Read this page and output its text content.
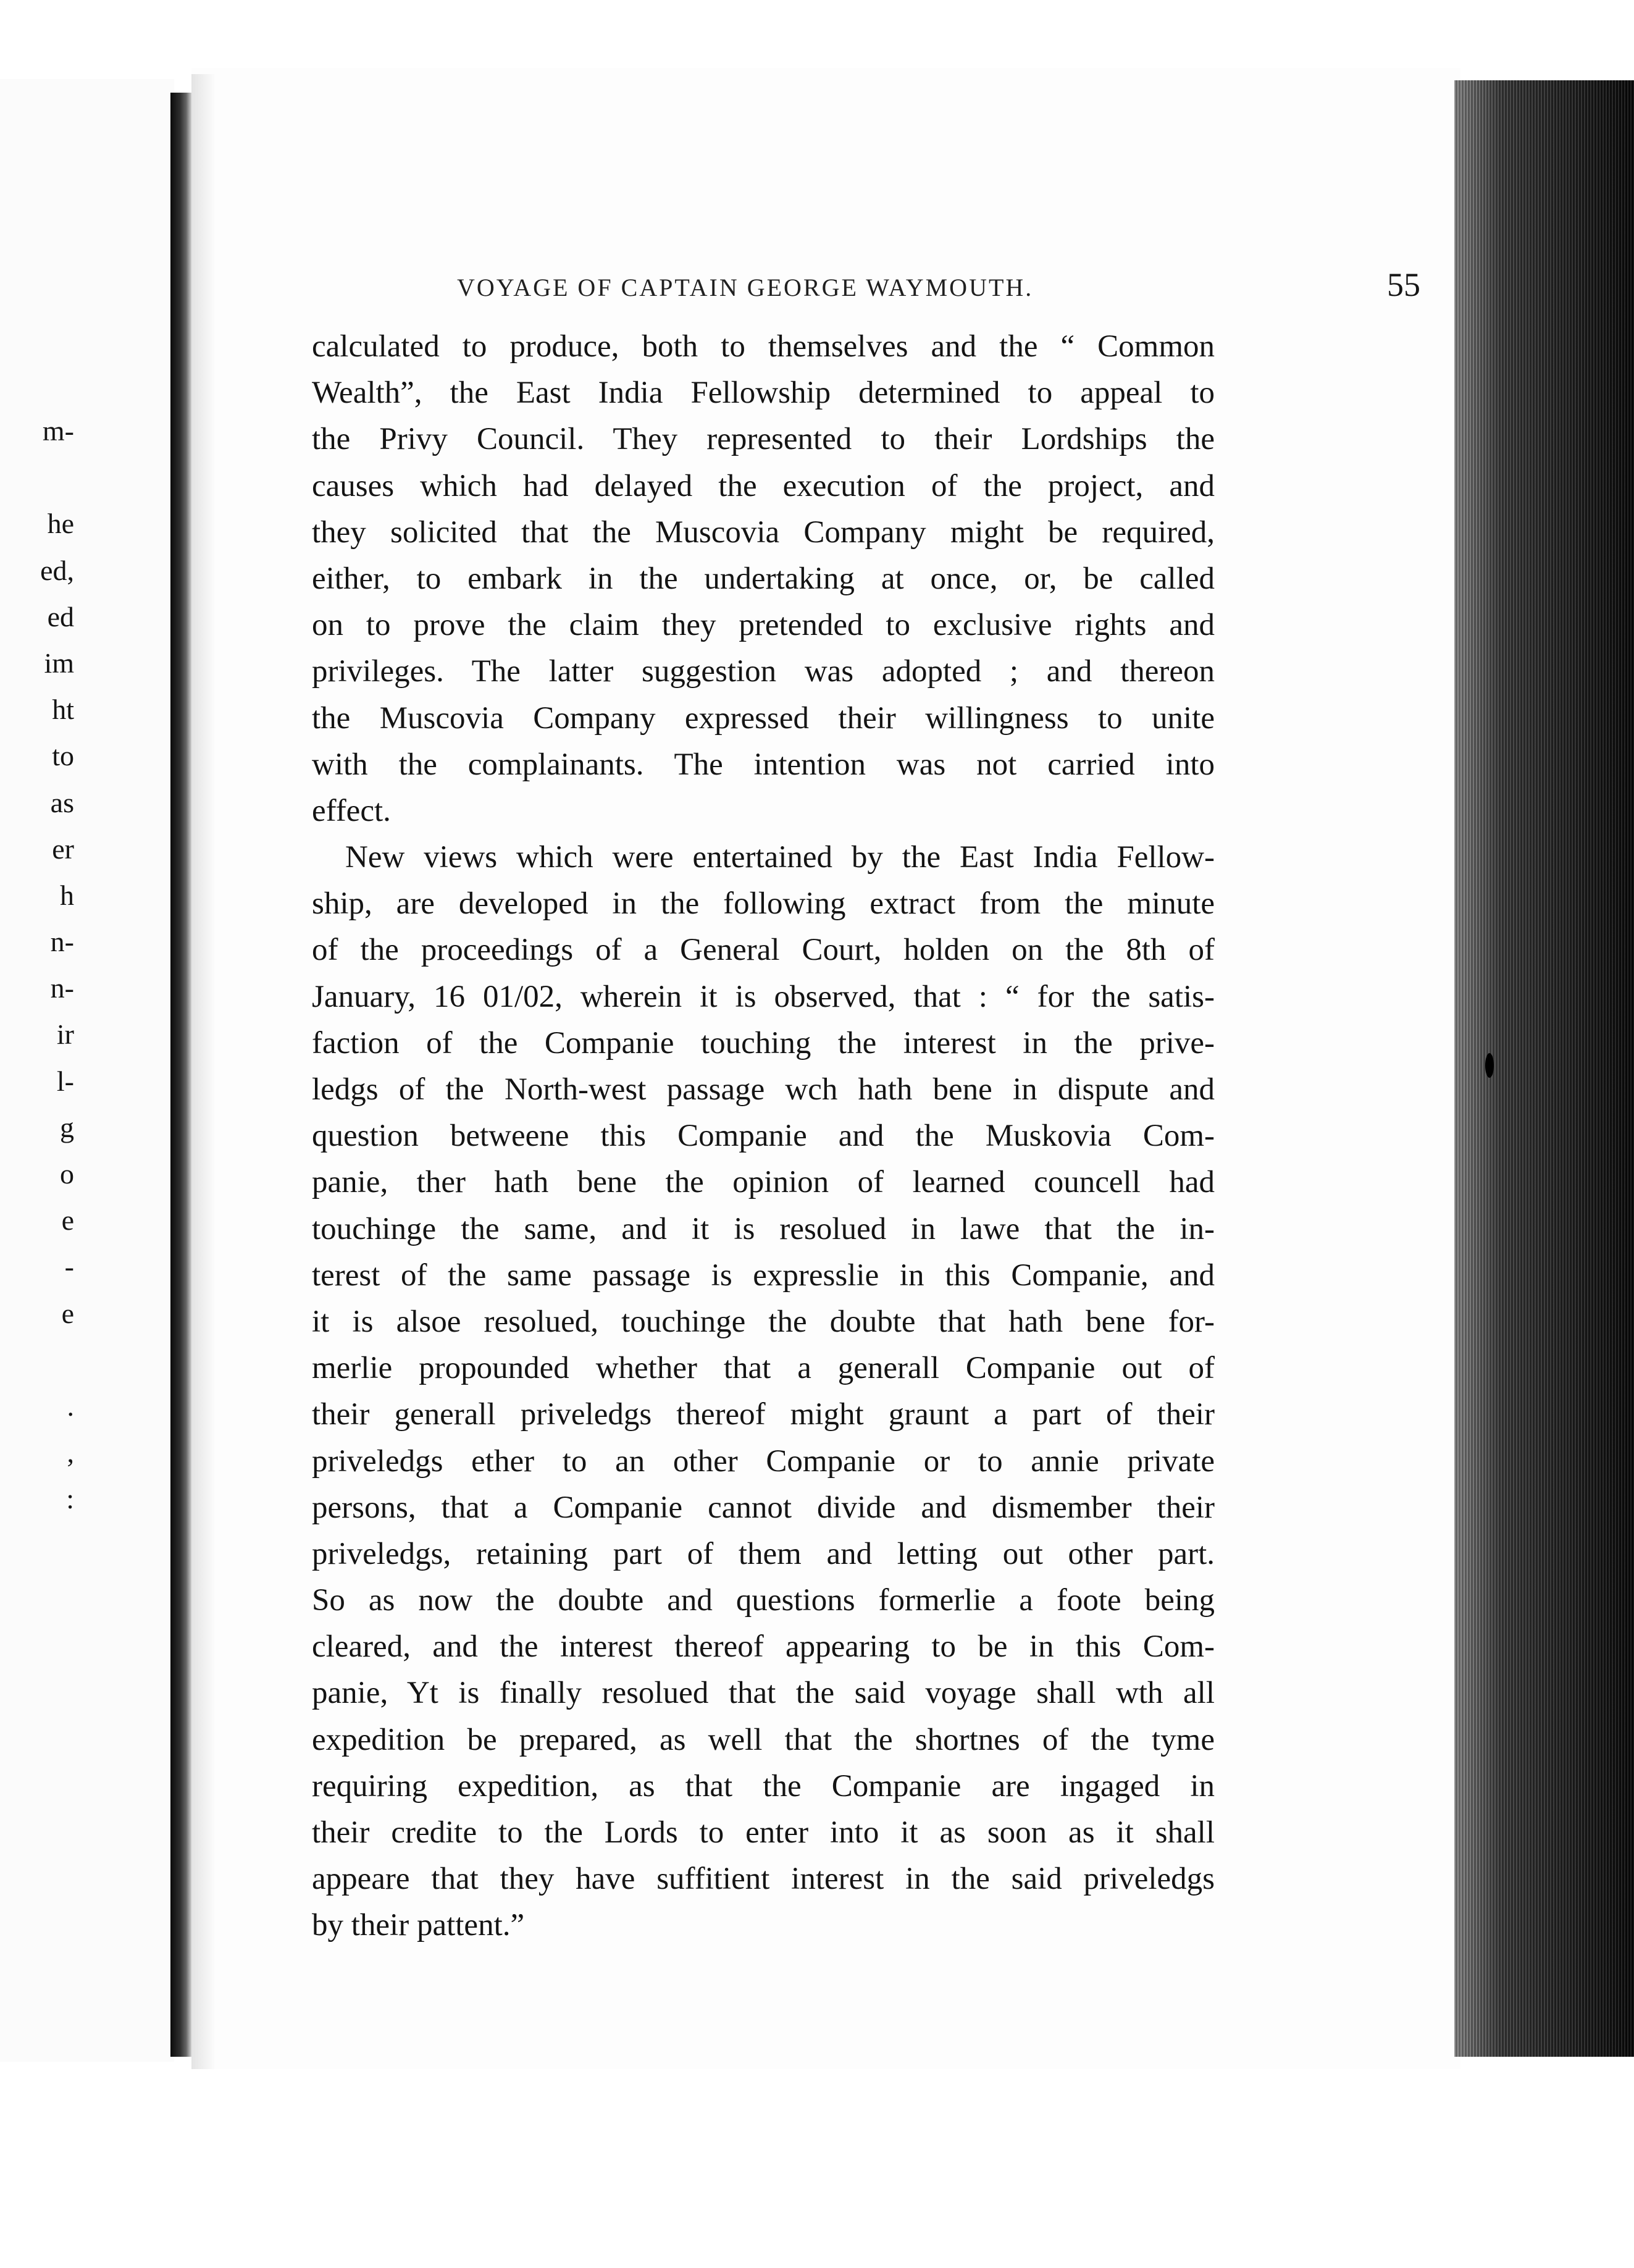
m-
he
ed,
ed
im
ht
to
as
er
h
n-
n-
ir
l-
g
o
e
-
e
.
,
:
VOYAGE OF CAPTAIN GEORGE WAYMOUTH.	55
calculated to produce, both to themselves and the “ Common
Wealth”, the East India Fellowship determined to appeal to
the Privy Council. They represented to their Lordships the
causes which had delayed the execution of the project, and
they solicited that the Muscovia Company might be required,
either, to embark in the undertaking at once, or, be called
on to prove the claim they pretended to exclusive rights and
privileges. The latter suggestion was adopted ; and thereon
the Muscovia Company expressed their willingness to unite
with the complainants. The intention was not carried into
effect.
New views which were entertained by the East India Fellow-
ship, are developed in the following extract from the minute
of the proceedings of a General Court, holden on the 8th of
January, 16 01/02, wherein it is observed, that : “ for the satis-
faction of the Companie touching the interest in the prive-
ledgs of the North-west passage wch hath bene in dispute and
question betweene this Companie and the Muskovia Com-
panie, ther hath bene the opinion of learned councell had
touchinge the same, and it is resolued in lawe that the in-
terest of the same passage is expresslie in this Companie, and
it is alsoe resolued, touchinge the doubte that hath bene for-
merlie propounded whether that a generall Companie out of
their generall priveledgs thereof might graunt a part of their
priveledgs ether to an other Companie or to annie private
persons, that a Companie cannot divide and dismember their
priveledgs, retaining part of them and letting out other part.
So as now the doubte and questions formerlie a foote being
cleared, and the interest thereof appearing to be in this Com-
panie, Yt is finally resolued that the said voyage shall wth all
expedition be prepared, as well that the shortnes of the tyme
requiring expedition, as that the Companie are ingaged in
their credite to the Lords to enter into it as soon as it shall
appeare that they have suffitient interest in the said priveledgs
by their pattent.”
